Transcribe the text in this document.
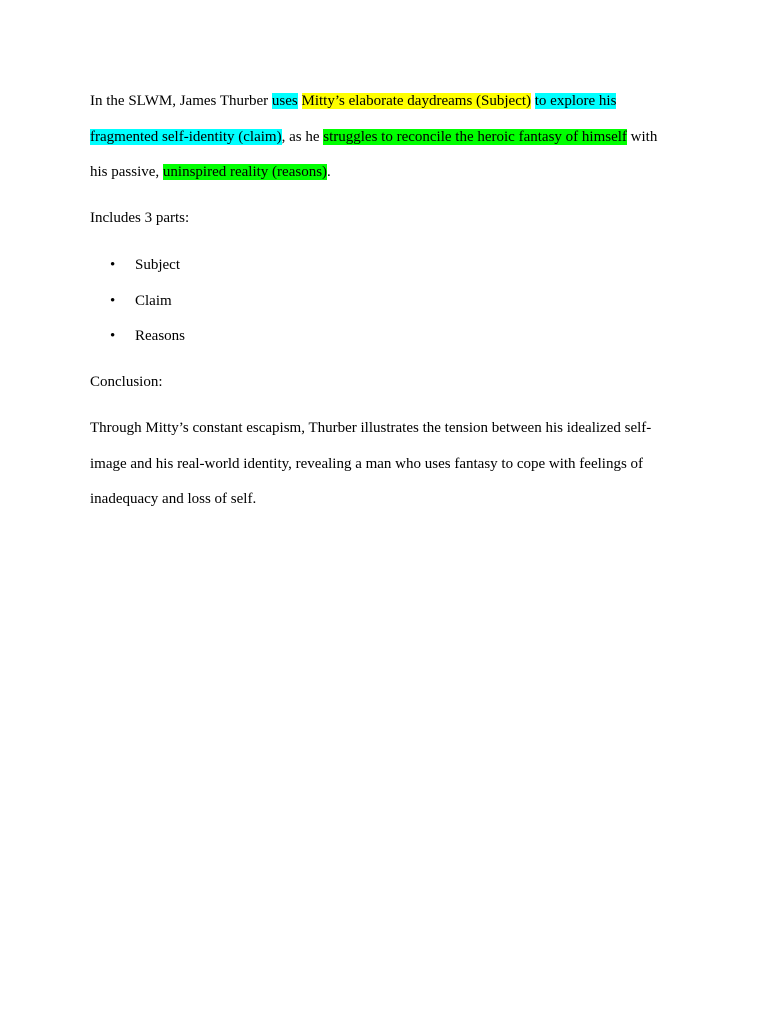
In the SLWM, James Thurber uses Mitty’s elaborate daydreams (Subject) to explore his fragmented self-identity (claim), as he struggles to reconcile the heroic fantasy of himself with his passive, uninspired reality (reasons).

Includes 3 parts:

• Subject
• Claim
• Reasons

Conclusion:

Through Mitty’s constant escapism, Thurber illustrates the tension between his idealized self-image and his real-world identity, revealing a man who uses fantasy to cope with feelings of inadequacy and loss of self.
